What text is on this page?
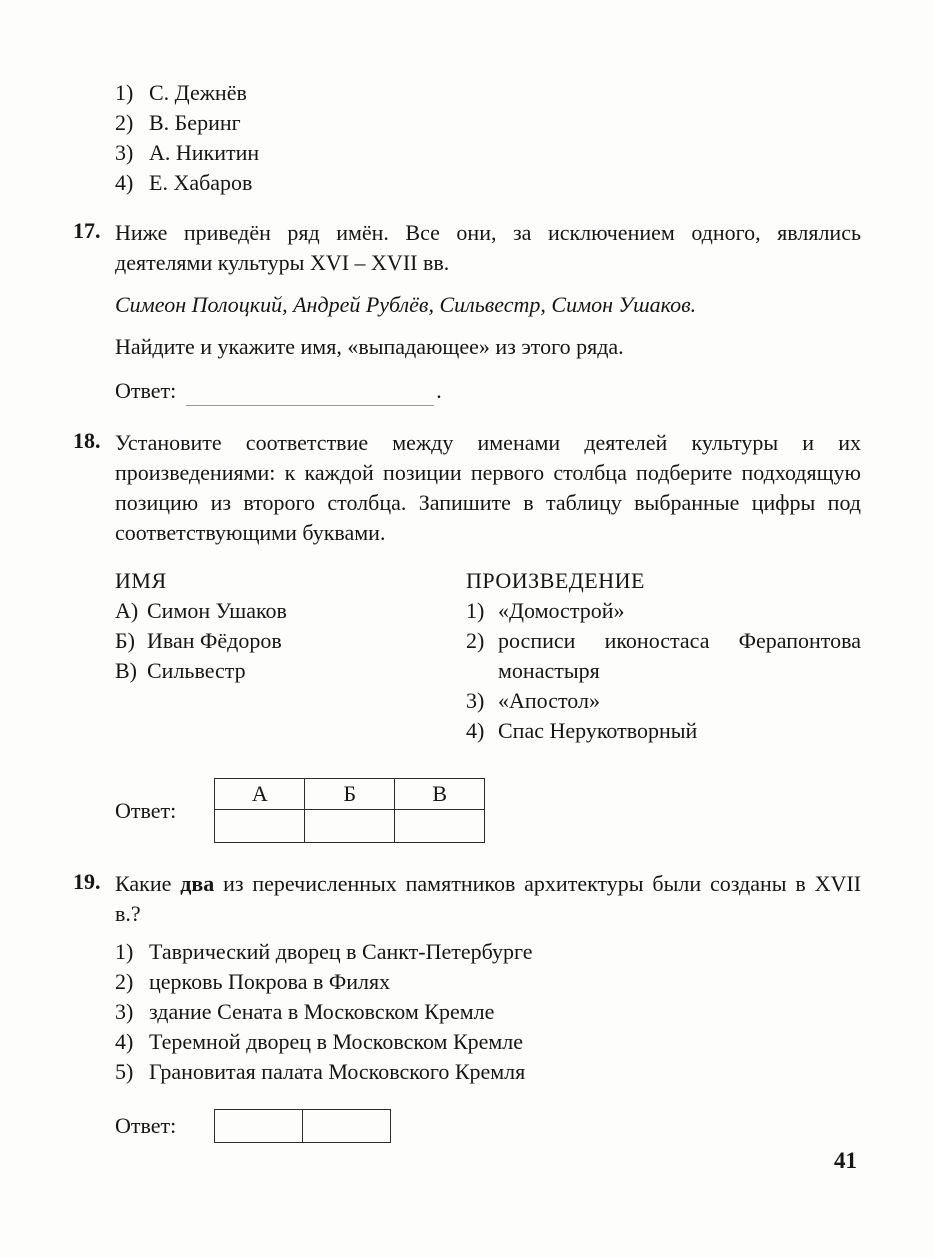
1) С. Дежнёв
2) В. Беринг
3) А. Никитин
4) Е. Хабаров
17. Ниже приведён ряд имён. Все они, за исключением одного, являлись деятелями культуры XVI – XVII вв.
Симеон Полоцкий, Андрей Рублёв, Сильвестр, Симон Ушаков.
Найдите и укажите имя, «выпадающее» из этого ряда.
Ответ:	.
18. Установите соответствие между именами деятелей культуры и их произведениями: к каждой позиции первого столбца подберите подходящую позицию из второго столбца. Запишите в таблицу выбранные цифры под соответствующими буквами.
ИМЯ
А) Симон Ушаков
Б) Иван Фёдоров
В) Сильвестр
ПРОИЗВЕДЕНИЕ
1) «Домострой»
2) росписи иконостаса Ферапонтова монастыря
3) «Апостол»
4) Спас Нерукотворный
Ответ:
А	Б	В

19. Какие два из перечисленных памятников архитектуры были созданы в XVII в.?
1) Таврический дворец в Санкт-Петербурге
2) церковь Покрова в Филях
3) здание Сената в Московском Кремле
4) Теремной дворец в Московском Кремле
5) Грановитая палата Московского Кремля
Ответ:

41
